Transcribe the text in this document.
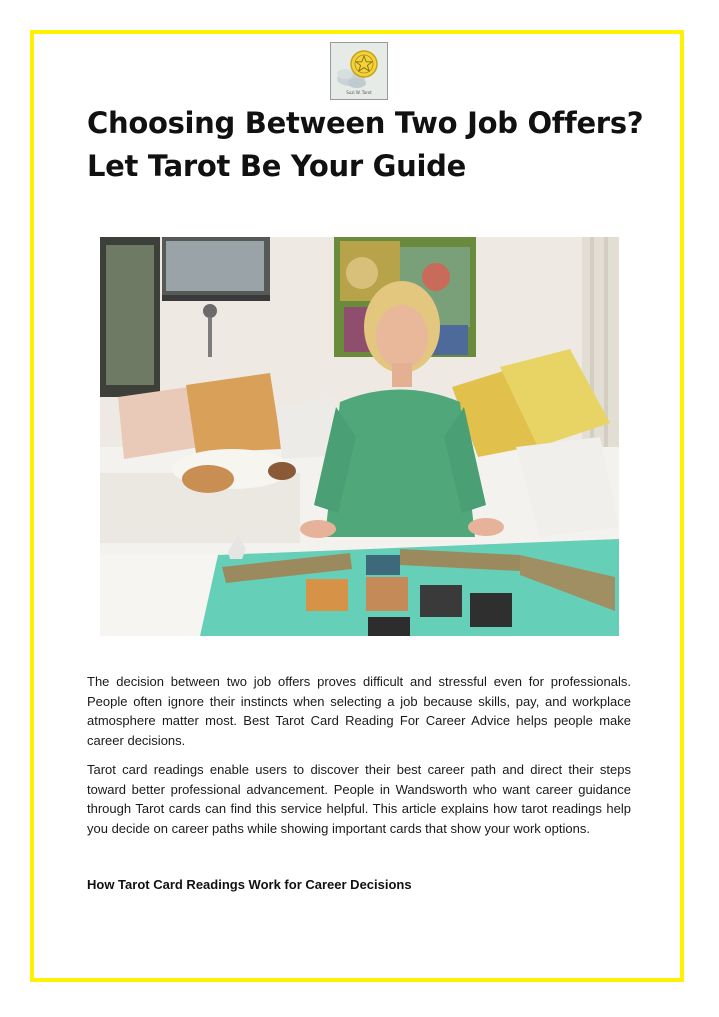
Suzi W. Tarot
Choosing Between Two Job Offers? Let Tarot Be Your Guide

The decision between two job offers proves difficult and stressful even for professionals. People often ignore their instincts when selecting a job because skills, pay, and workplace atmosphere matter most. Best Tarot Card Reading For Career Advice helps people make career decisions.

Tarot card readings enable users to discover their best career path and direct their steps toward better professional advancement. People in Wandsworth who want career guidance through Tarot cards can find this service helpful. This article explains how tarot readings help you decide on career paths while showing important cards that show your work options.

How Tarot Card Readings Work for Career Decisions
